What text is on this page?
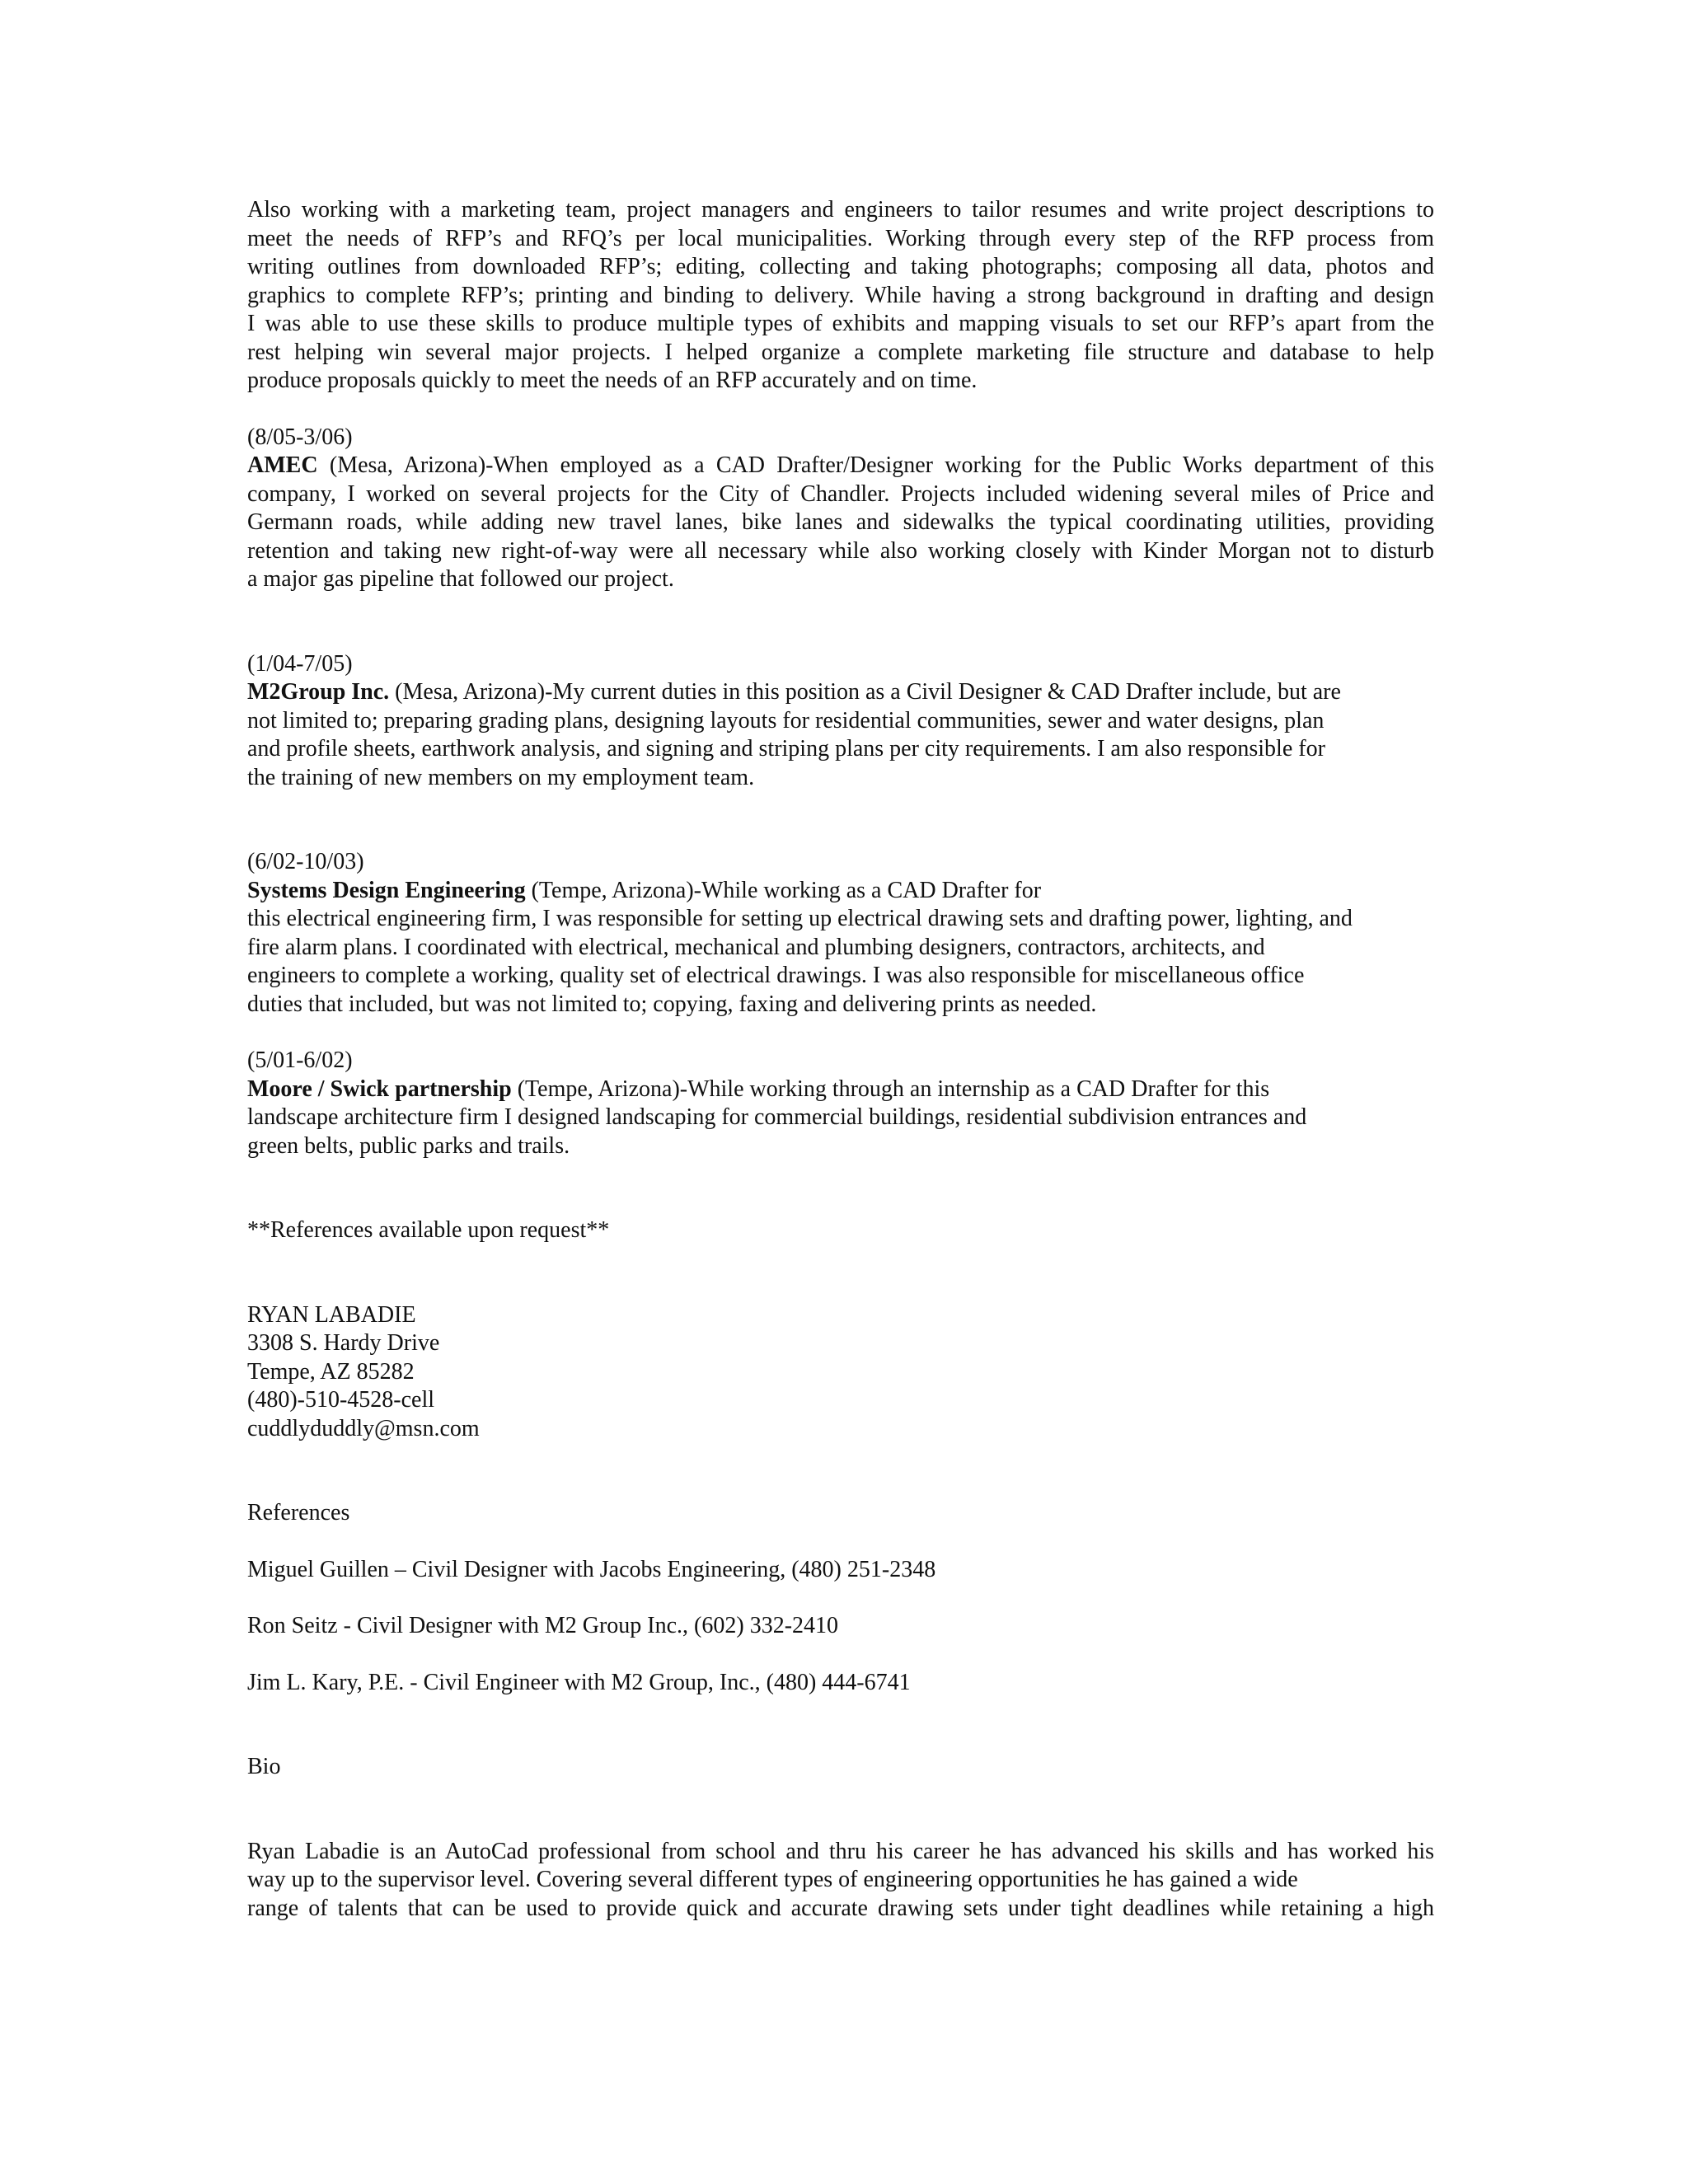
Also working with a marketing team, project managers and engineers to tailor resumes and write project descriptions to
meet the needs of RFP’s and RFQ’s per local municipalities. Working through every step of the RFP process from
writing outlines from downloaded RFP’s; editing, collecting and taking photographs; composing all data, photos and
graphics to complete RFP’s; printing and binding to delivery. While having a strong background in drafting and design
I was able to use these skills to produce multiple types of exhibits and mapping visuals to set our RFP’s apart from the
rest helping win several major projects. I helped organize a complete marketing file structure and database to help
produce proposals quickly to meet the needs of an RFP accurately and on time.
(8/05-3/06)
AMEC (Mesa, Arizona)-When employed as a CAD Drafter/Designer working for the Public Works department of this
company, I worked on several projects for the City of Chandler. Projects included widening several miles of Price and
Germann roads, while adding new travel lanes, bike lanes and sidewalks the typical coordinating utilities, providing
retention and taking new right-of-way were all necessary while also working closely with Kinder Morgan not to disturb
a major gas pipeline that followed our project.
(1/04-7/05)
M2Group Inc. (Mesa, Arizona)-My current duties in this position as a Civil Designer & CAD Drafter include, but are
not limited to; preparing grading plans, designing layouts for residential communities, sewer and water designs, plan
and profile sheets, earthwork analysis, and signing and striping plans per city requirements. I am also responsible for
the training of new members on my employment team.
(6/02-10/03)
Systems Design Engineering (Tempe, Arizona)-While working as a CAD Drafter for
this electrical engineering firm, I was responsible for setting up electrical drawing sets and drafting power, lighting, and
fire alarm plans. I coordinated with electrical, mechanical and plumbing designers, contractors, architects, and
engineers to complete a working, quality set of electrical drawings. I was also responsible for miscellaneous office
duties that included, but was not limited to; copying, faxing and delivering prints as needed.
(5/01-6/02)
Moore / Swick partnership (Tempe, Arizona)-While working through an internship as a CAD Drafter for this
landscape architecture firm I designed landscaping for commercial buildings, residential subdivision entrances and
green belts, public parks and trails.
**References available upon request**
RYAN LABADIE
3308 S. Hardy Drive
Tempe, AZ 85282
(480)-510-4528-cell
cuddlyduddly@msn.com
References
Miguel Guillen – Civil Designer with Jacobs Engineering, (480) 251-2348
Ron Seitz - Civil Designer with M2 Group Inc., (602) 332-2410
Jim L. Kary, P.E. - Civil Engineer with M2 Group, Inc., (480) 444-6741
Bio
Ryan Labadie is an AutoCad professional from school and thru his career he has advanced his skills and has worked his
way up to the supervisor level. Covering several different types of engineering opportunities he has gained a wide
range of talents that can be used to provide quick and accurate drawing sets under tight deadlines while retaining a high
